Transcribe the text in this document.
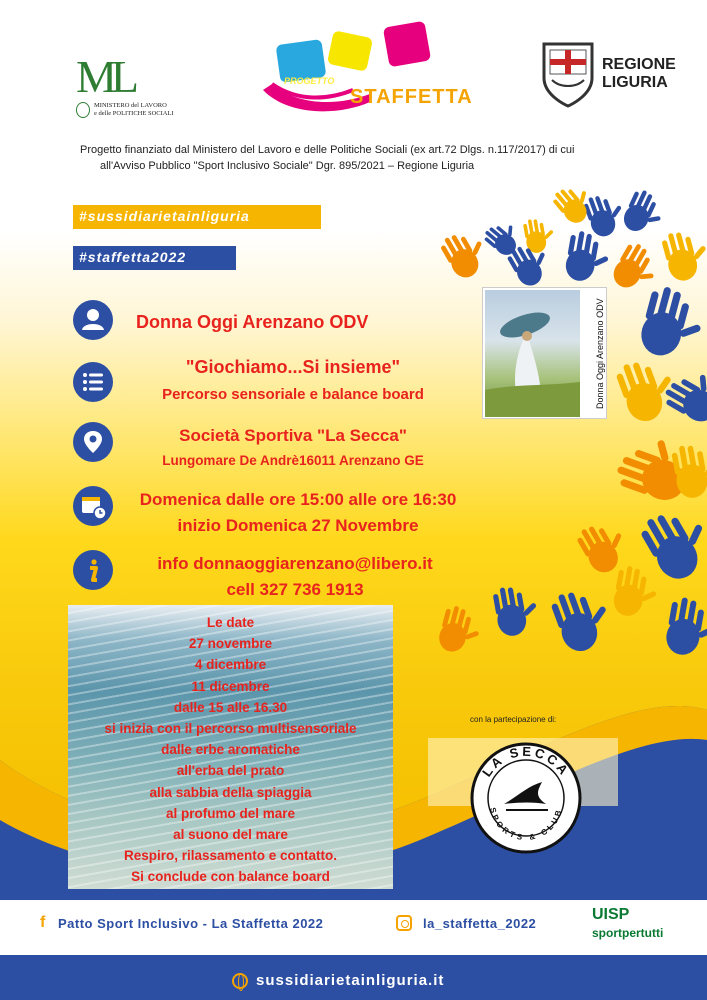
ML
MINISTERO del LAVORO
e delle POLITICHE SOCIALI
PROGETTO
STAFFETTA
REGIONE
LIGURIA
Progetto finanziato dal Ministero del Lavoro e delle Politiche Sociali (ex art.72 Dlgs. n.117/2017) di cui
all'Avviso Pubblico "Sport Inclusivo Sociale" Dgr. 895/2021 – Regione Liguria
#sussidiarietainliguria
#staffetta2022
Donna Oggi Arenzano ODV
"Giochiamo...Si insieme"
Percorso sensoriale e balance board
Società Sportiva "La Secca"
Lungomare De Andrè16011 Arenzano GE
Domenica dalle ore 15:00 alle ore 16:30
inizio Domenica 27 Novembre
info donnaoggiarenzano@libero.it
cell 327 736 1913
Donna Oggi Arenzano ODV
Le date
27 novembre
4 dicembre
11 dicembre
dalle 15 alle 16.30
si inizia con il percorso multisensoriale
dalle erbe aromatiche
all'erba del prato
alla sabbia della spiaggia
al profumo del mare
al suono del mare
Respiro, rilassamento e contatto.
Si conclude con balance board
con la partecipazione di:
LA SECCA
SPORTS & CLUB
f Patto Sport Inclusivo - La Staffetta 2022	la_staffetta_2022
UISP
sportpertutti
sussidiarietainliguria.it
